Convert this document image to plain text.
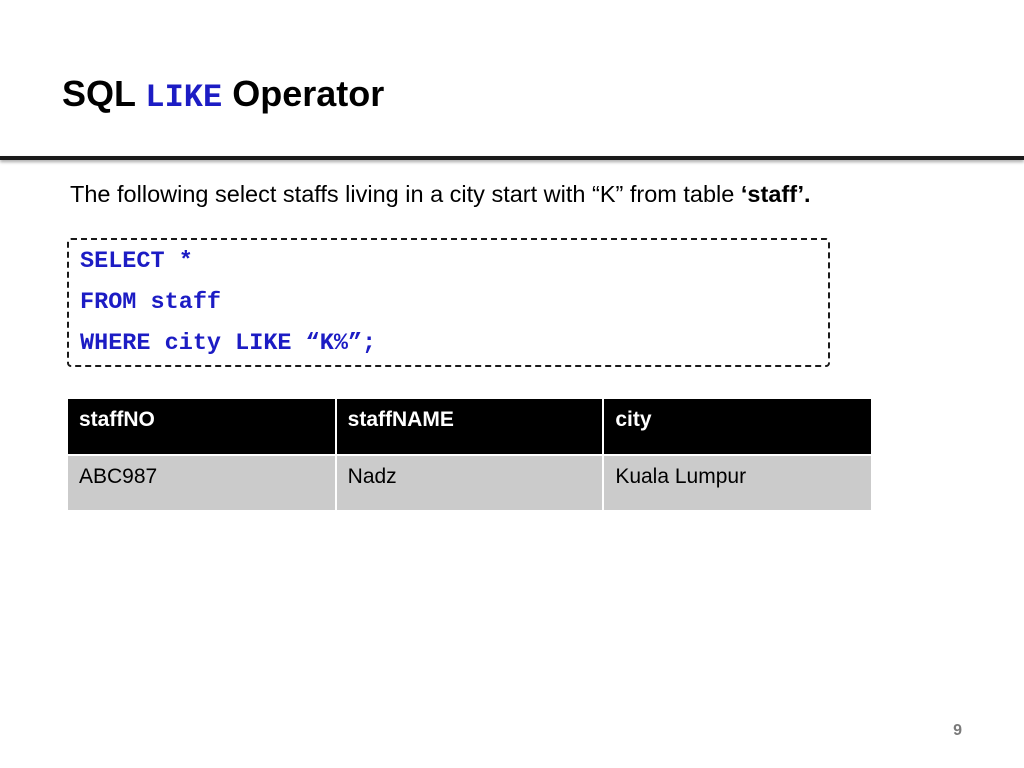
SQL LIKE Operator
The following select staffs living in a city start with “K” from table ‘staff’.
SELECT *
FROM staff
WHERE city LIKE “K%”;
staffNO	staffNAME	city
ABC987	Nadz	Kuala Lumpur
9
